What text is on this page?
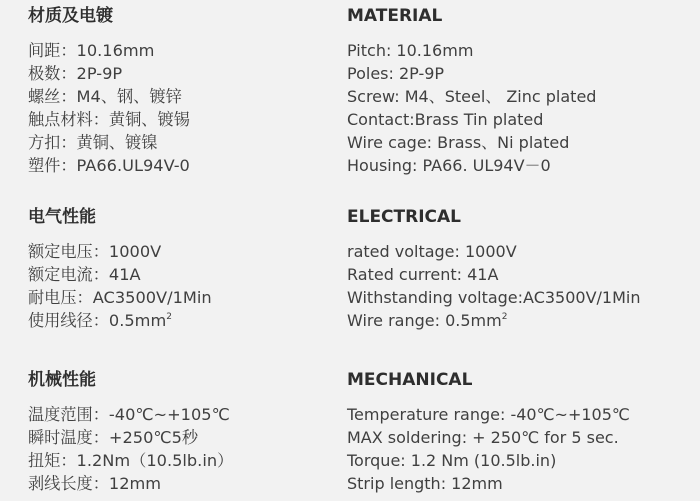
材质及电镀
间距：10.16mm
极数：2P-9P
螺丝：M4、钢、镀锌
触点材料：黄铜、镀锡
方扣：黄铜、镀镍
塑件：PA66.UL94V-0
电气性能
额定电压：1000V
额定电流：41A
耐电压：AC3500V/1Min
使用线径：$0.5mm^2$
机械性能
温度范围：-40℃~+105℃
瞬时温度：+250℃5秒
扭矩：1.2Nm（10.5lb.in）
剥线长度：12mm
MATERIAL
Pitch: 10.16mm
Poles: 2P-9P
Screw: M4、Steel、 Zinc plated
Contact:Brass Tin plated
Wire cage: Brass、Ni plated
Housing: PA66. UL94V－0
ELECTRICAL
rated voltage: 1000V
Rated current: 41A
Withstanding voltage:AC3500V/1Min
Wire range: $0.5mm^2$
MECHANICAL
Temperature range: -40℃~+105℃
MAX soldering: + 250℃ for 5 sec.
Torque: 1.2 Nm (10.5lb.in)
Strip length: 12mm
